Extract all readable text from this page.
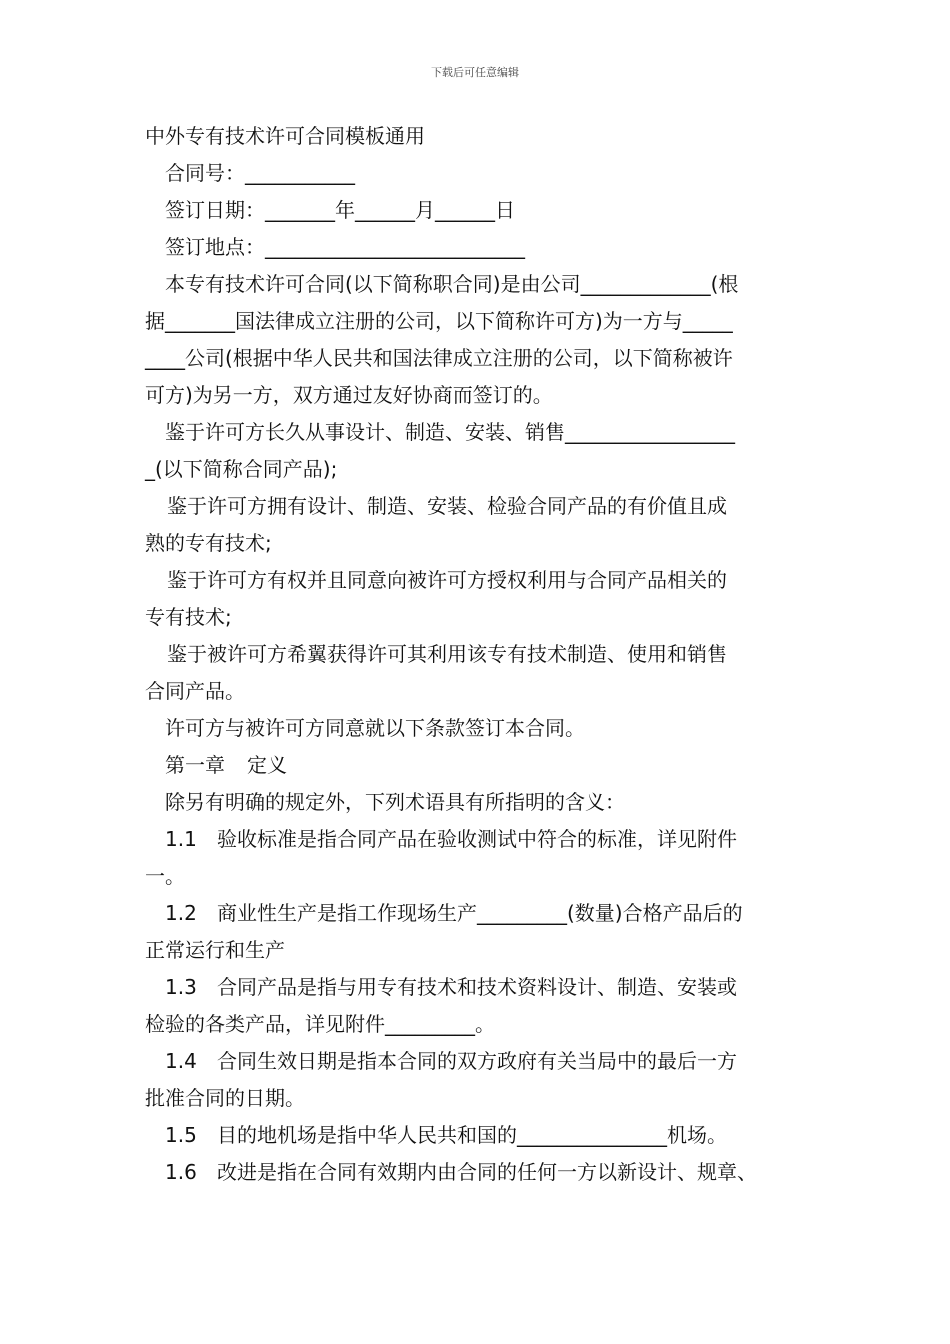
下载后可任意编辑
中外专有技术许可合同模板通用
合同号：___________
签订日期：_______年______月______日
签订地点：__________________________
本专有技术许可合同(以下简称职合同)是由公司_____________(根
据_______国法律成立注册的公司，以下简称许可方)为一方与_____
____公司(根据中华人民共和国法律成立注册的公司，以下简称被许
可方)为另一方，双方通过友好协商而签订的。
鉴于许可方长久从事设计、制造、安装、销售_________________
_(以下简称合同产品);
鉴于许可方拥有设计、制造、安装、检验合同产品的有价值且成
熟的专有技术;
鉴于许可方有权并且同意向被许可方授权利用与合同产品相关的
专有技术;
鉴于被许可方希翼获得许可其利用该专有技术制造、使用和销售
合同产品。
许可方与被许可方同意就以下条款签订本合同。
第一章 定义
除另有明确的规定外，下列术语具有所指明的含义：
1.1 验收标准是指合同产品在验收测试中符合的标准，详见附件
一。
1.2 商业性生产是指工作现场生产_________(数量)合格产品后的
正常运行和生产
1.3 合同产品是指与用专有技术和技术资料设计、制造、安装或
检验的各类产品，详见附件_________。
1.4 合同生效日期是指本合同的双方政府有关当局中的最后一方
批准合同的日期。
1.5 目的地机场是指中华人民共和国的_______________机场。
1.6 改进是指在合同有效期内由合同的任何一方以新设计、规章、
